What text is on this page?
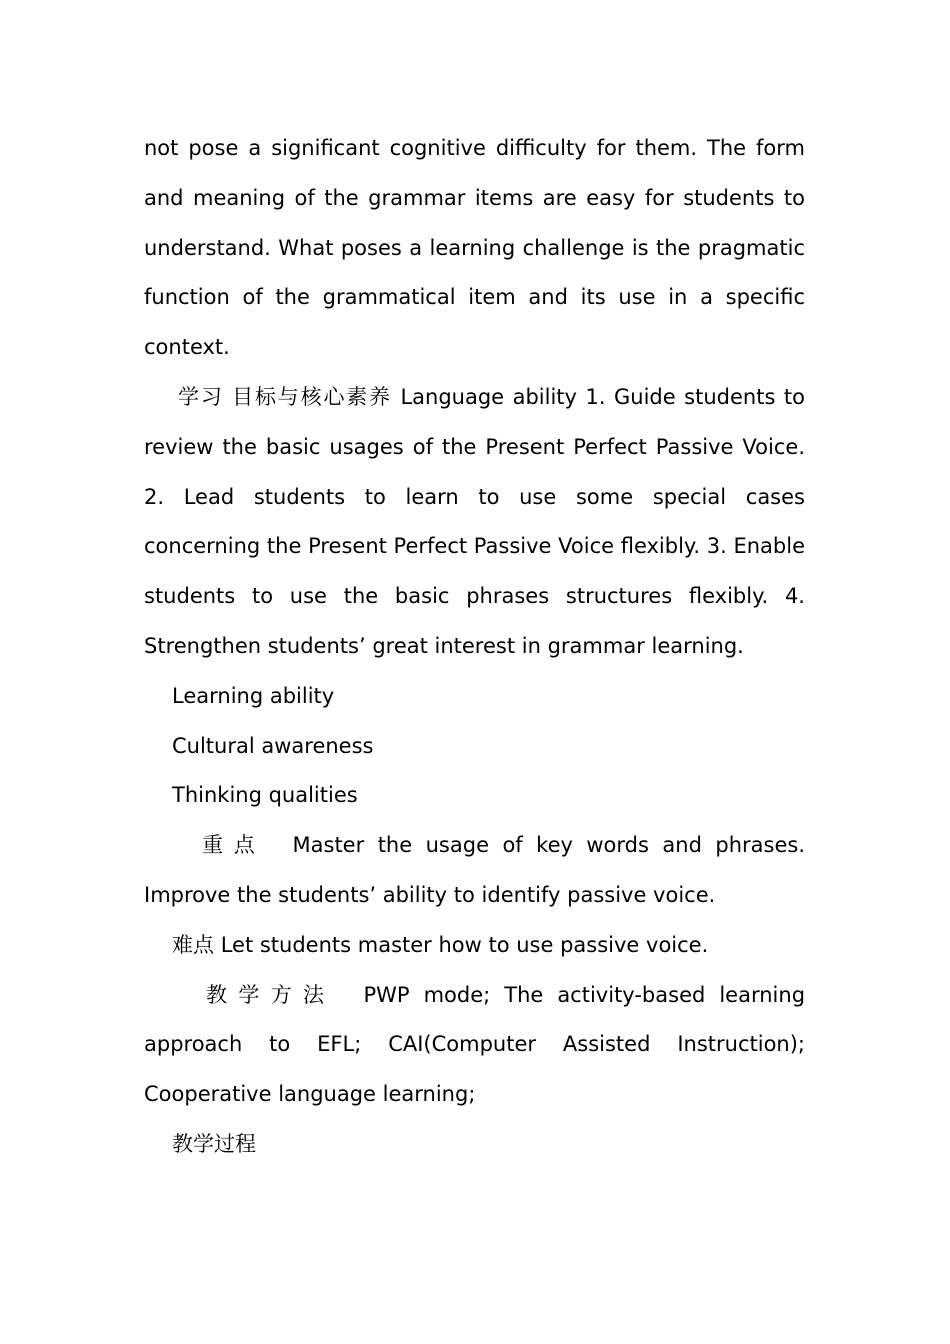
not pose a significant cognitive difficulty for them. The form and meaning of the grammar items are easy for students to understand. What poses a learning challenge is the pragmatic function of the grammatical item and its use in a specific context.

学习 目标与核心素养 Language ability 1. Guide students to review the basic usages of the Present Perfect Passive Voice. 2. Lead students to learn to use some special cases concerning the Present Perfect Passive Voice flexibly. 3. Enable students to use the basic phrases structures flexibly. 4. Strengthen students’ great interest in grammar learning.

Learning ability

Cultural awareness

Thinking qualities

重点 Master the usage of key words and phrases. Improve the students’ ability to identify passive voice.

难点 Let students master how to use passive voice.

教学方法 PWP mode; The activity-based learning approach to EFL; CAI(Computer Assisted Instruction); Cooperative language learning;

教学过程
